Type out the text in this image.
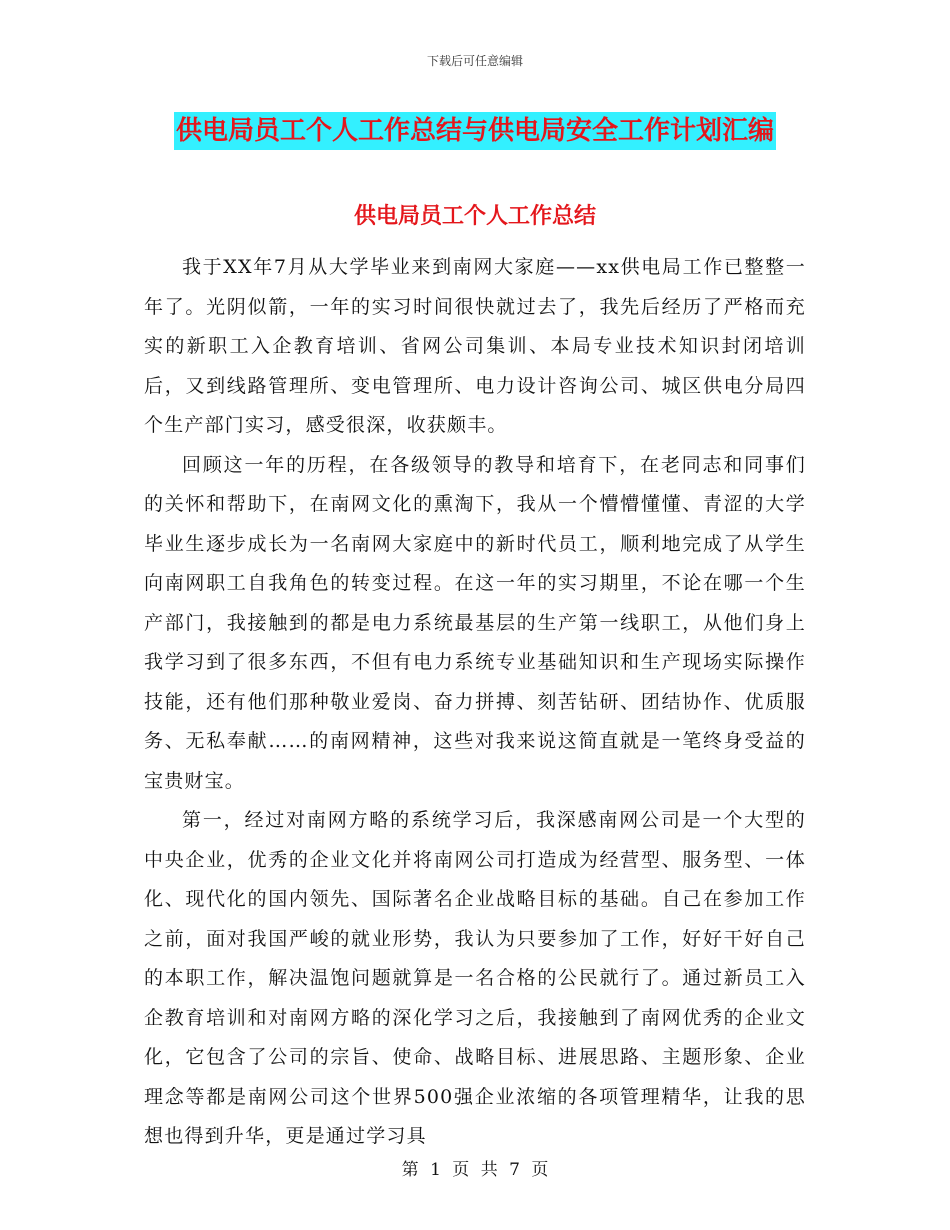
下载后可任意编辑
供电局员工个人工作总结与供电局安全工作计划汇编
供电局员工个人工作总结

我于XX年7月从大学毕业来到南网大家庭——xx供电局工作已整整一年了。光阴似箭，一年的实习时间很快就过去了，我先后经历了严格而充实的新职工入企教育培训、省网公司集训、本局专业技术知识封闭培训后，又到线路管理所、变电管理所、电力设计咨询公司、城区供电分局四个生产部门实习，感受很深，收获颇丰。

回顾这一年的历程，在各级领导的教导和培育下，在老同志和同事们的关怀和帮助下，在南网文化的熏淘下，我从一个懵懵懂懂、青涩的大学毕业生逐步成长为一名南网大家庭中的新时代员工，顺利地完成了从学生向南网职工自我角色的转变过程。在这一年的实习期里，不论在哪一个生产部门，我接触到的都是电力系统最基层的生产第一线职工，从他们身上我学习到了很多东西，不但有电力系统专业基础知识和生产现场实际操作技能，还有他们那种敬业爱岗、奋力拼搏、刻苦钻研、团结协作、优质服务、无私奉献……的南网精神，这些对我来说这简直就是一笔终身受益的宝贵财宝。

第一，经过对南网方略的系统学习后，我深感南网公司是一个大型的中央企业，优秀的企业文化并将南网公司打造成为经营型、服务型、一体化、现代化的国内领先、国际著名企业战略目标的基础。自己在参加工作之前，面对我国严峻的就业形势，我认为只要参加了工作，好好干好自己的本职工作，解决温饱问题就算是一名合格的公民就行了。通过新员工入企教育培训和对南网方略的深化学习之后，我接触到了南网优秀的企业文化，它包含了公司的宗旨、使命、战略目标、进展思路、主题形象、企业理念等都是南网公司这个世界500强企业浓缩的各项管理精华，让我的思想也得到升华，更是通过学习具

第 1 页 共 7 页
